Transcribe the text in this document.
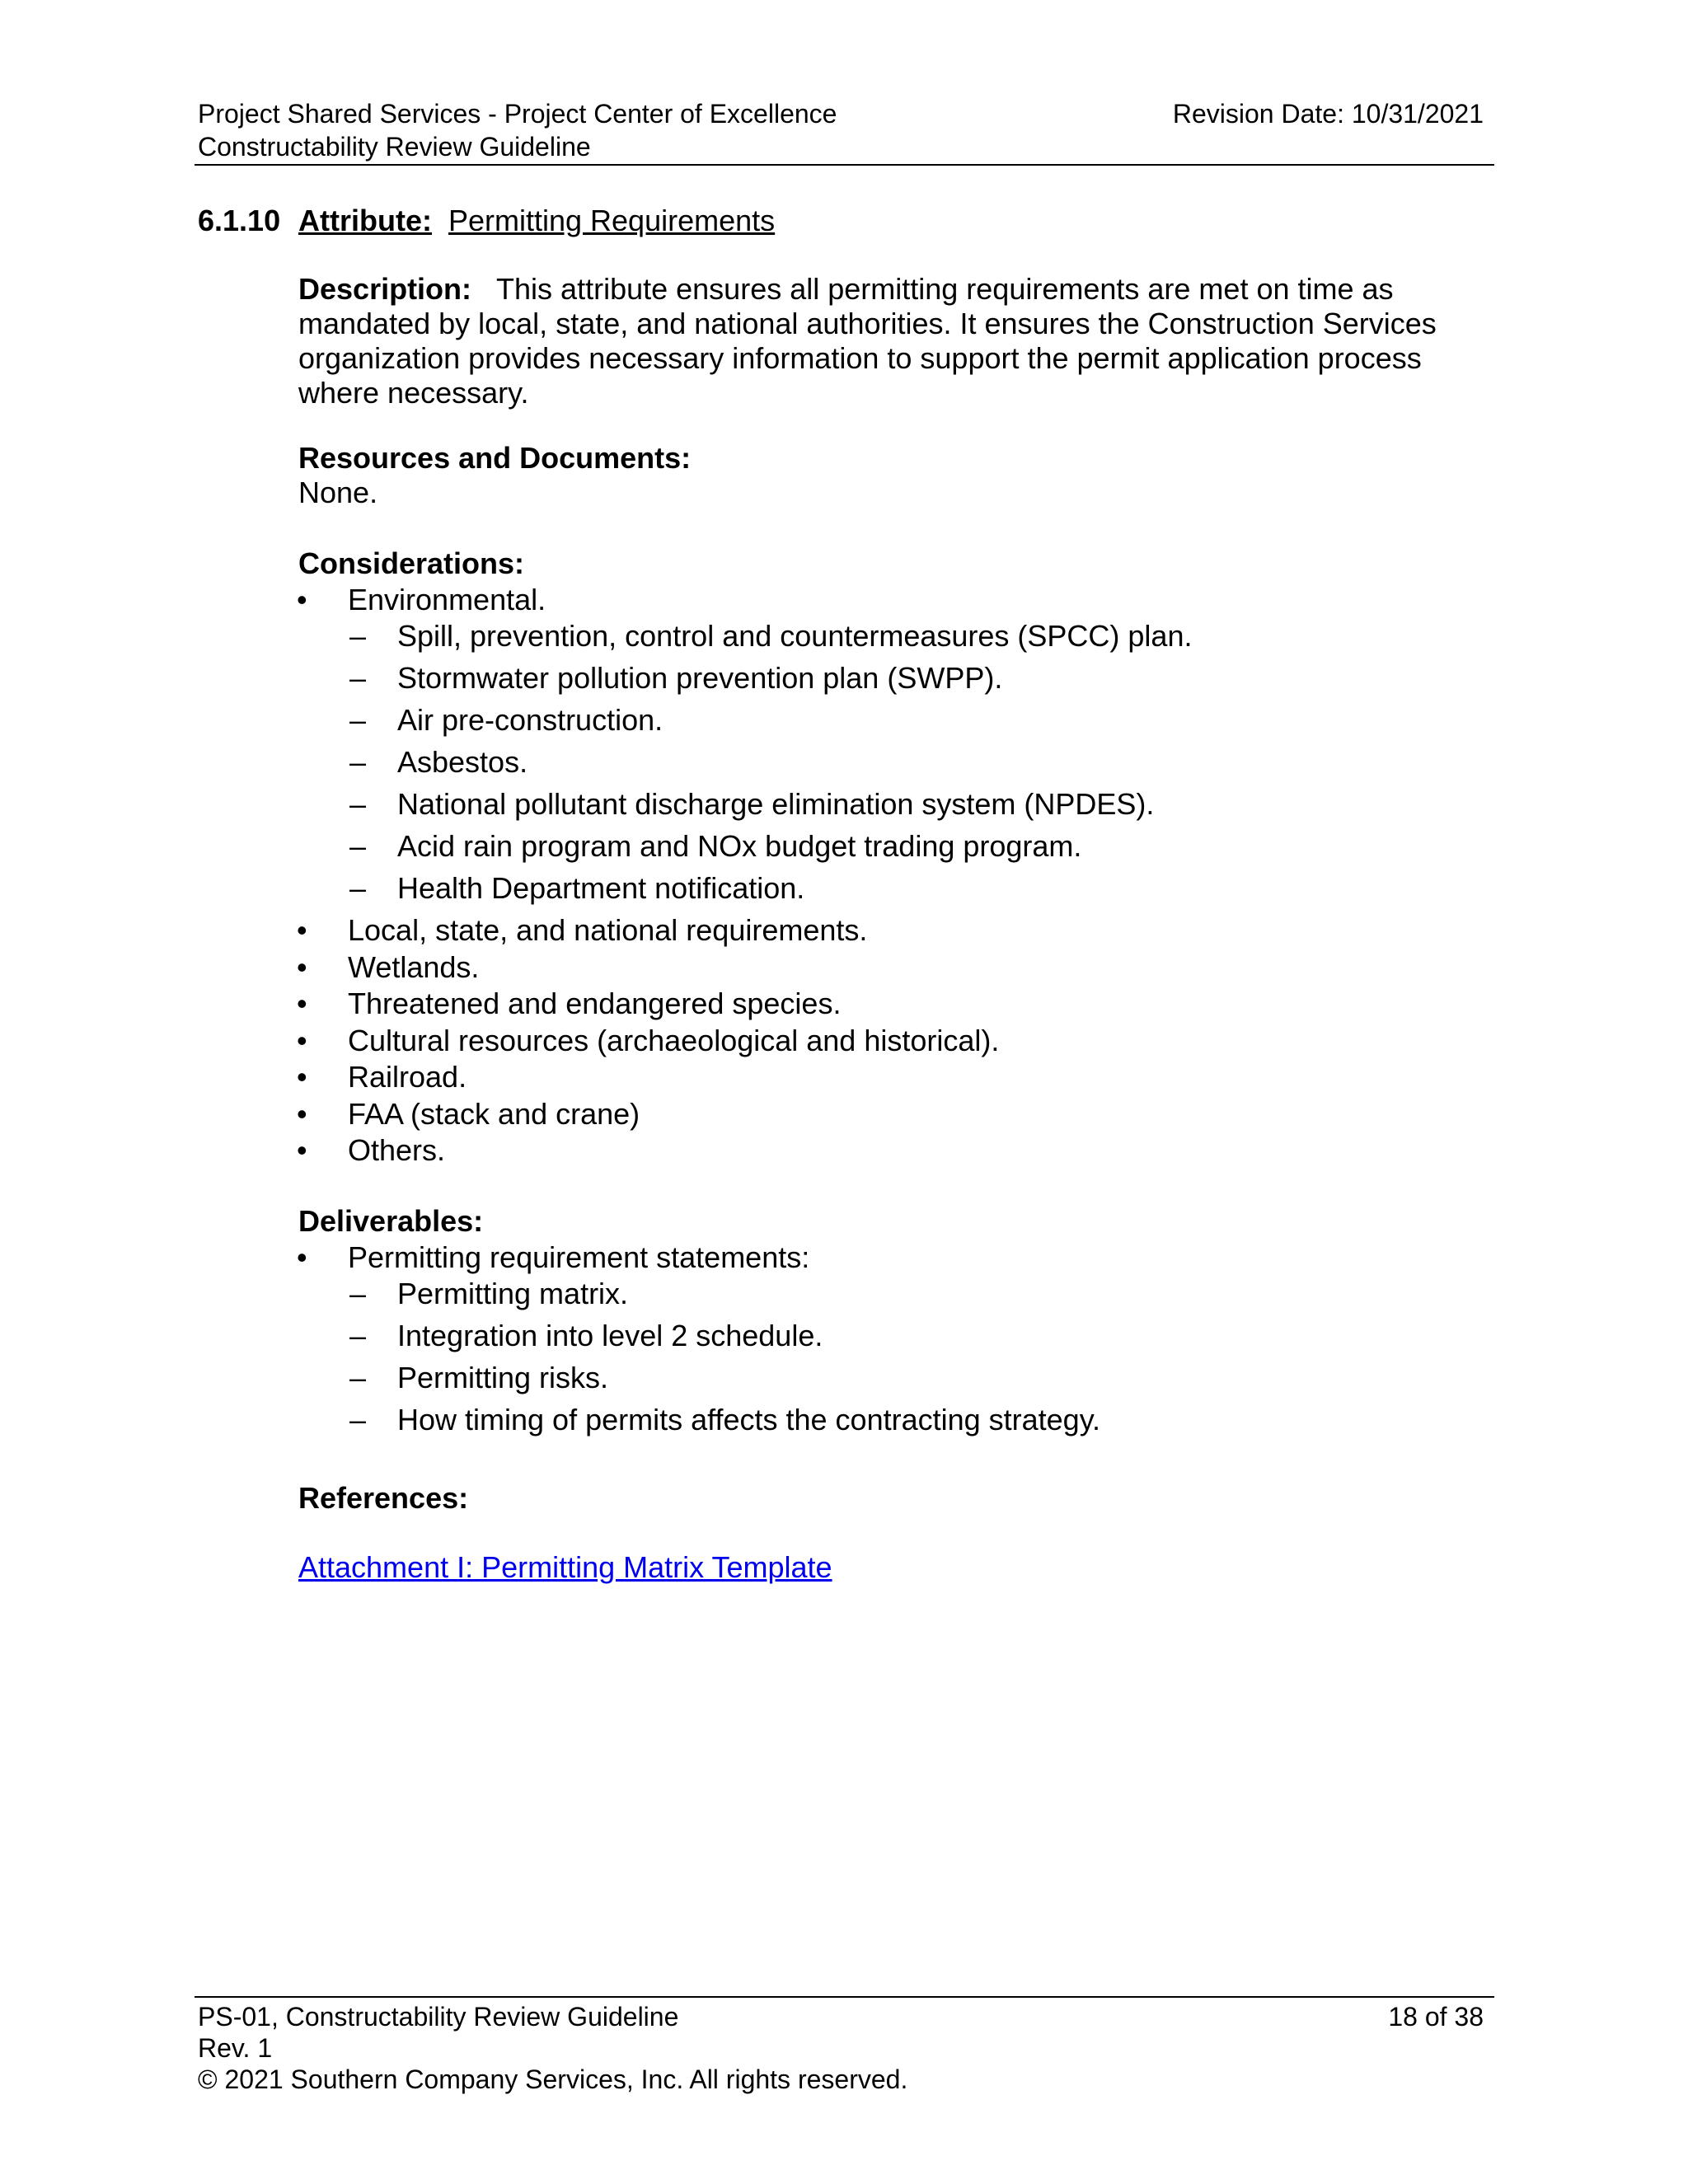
Project Shared Services - Project Center of Excellence	Revision Date: 10/31/2021
Constructability Review Guideline
6.1.10 Attribute: Permitting Requirements
Description: This attribute ensures all permitting requirements are met on time as
mandated by local, state, and national authorities. It ensures the Construction Services
organization provides necessary information to support the permit application process
where necessary.
Resources and Documents:
None.
Considerations:
• Environmental.
– Spill, prevention, control and countermeasures (SPCC) plan.
– Stormwater pollution prevention plan (SWPP).
– Air pre-construction.
– Asbestos.
– National pollutant discharge elimination system (NPDES).
– Acid rain program and NOx budget trading program.
– Health Department notification.
• Local, state, and national requirements.
• Wetlands.
• Threatened and endangered species.
• Cultural resources (archaeological and historical).
• Railroad.
• FAA (stack and crane)
• Others.
Deliverables:
• Permitting requirement statements:
– Permitting matrix.
– Integration into level 2 schedule.
– Permitting risks.
– How timing of permits affects the contracting strategy.
References:
Attachment I: Permitting Matrix Template
PS-01, Constructability Review Guideline	18 of 38
Rev. 1
© 2021 Southern Company Services, Inc. All rights reserved.
